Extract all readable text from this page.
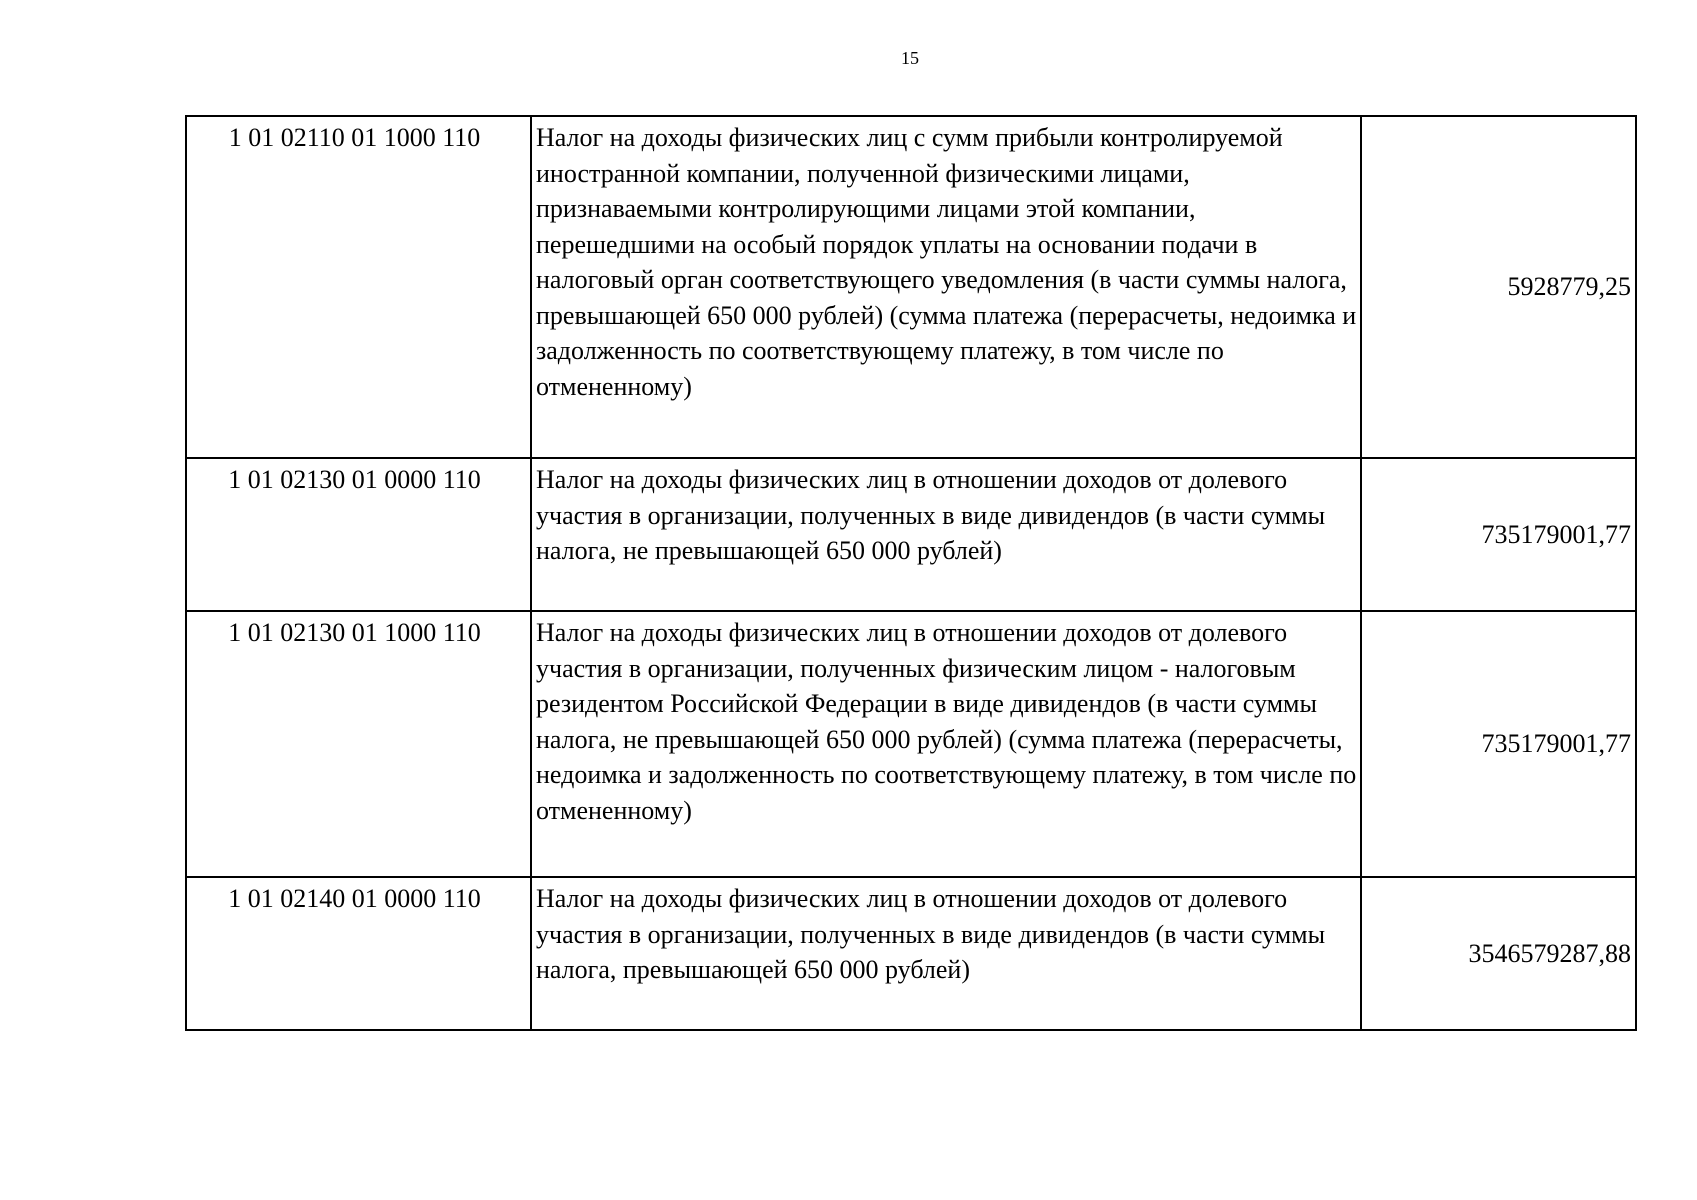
15
1 01 02110 01 1000 110	Налог на доходы физических лиц с сумм прибыли контролируемой иностранной компании, полученной физическими лицами, признаваемыми контролирующими лицами этой компании, перешедшими на особый порядок уплаты на основании подачи в налоговый орган соответствующего уведомления (в части суммы налога, превышающей 650 000 рублей) (сумма платежа (перерасчеты, недоимка и задолженность по соответствующему платежу, в том числе по отмененному)	5928779,25
1 01 02130 01 0000 110	Налог на доходы физических лиц в отношении доходов от долевого участия в организации, полученных в виде дивидендов (в части суммы налога, не превышающей 650 000 рублей)	735179001,77
1 01 02130 01 1000 110	Налог на доходы физических лиц в отношении доходов от долевого участия в организации, полученных физическим лицом - налоговым резидентом Российской Федерации в виде дивидендов (в части суммы налога, не превышающей 650 000 рублей) (сумма платежа (перерасчеты, недоимка и задолженность по соответствующему платежу, в том числе по отмененному)	735179001,77
1 01 02140 01 0000 110	Налог на доходы физических лиц в отношении доходов от долевого участия в организации, полученных в виде дивидендов (в части суммы налога, превышающей 650 000 рублей)	3546579287,88
